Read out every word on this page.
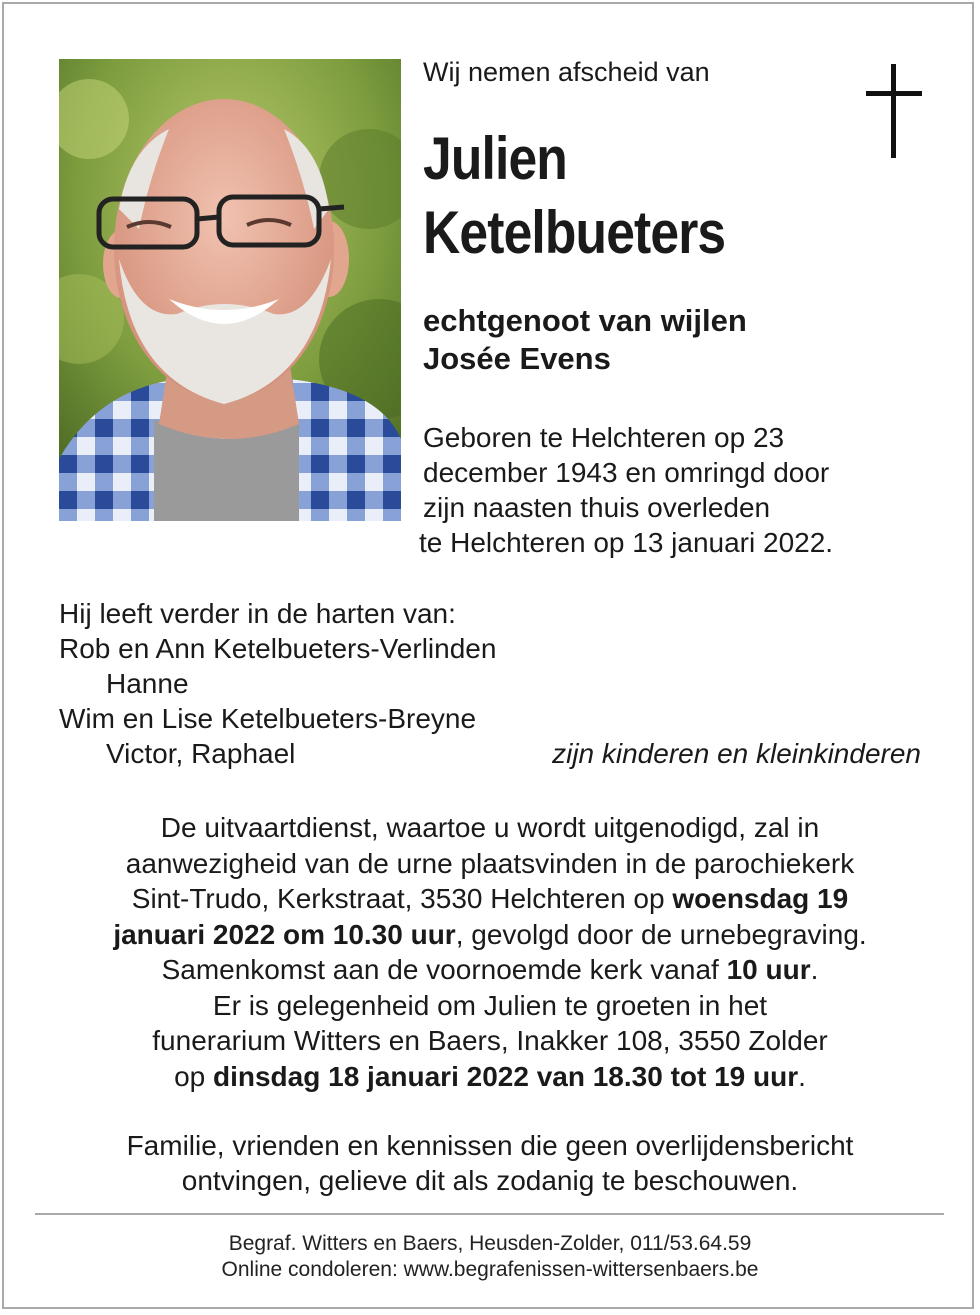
Wij nemen afscheid van
Julien
Ketelbueters
echtgenoot van wijlen
Josée Evens
Geboren te Helchteren op 23
december 1943 en omringd door
zijn naasten thuis overleden
te Helchteren op 13 januari 2022.
Hij leeft verder in de harten van:
Rob en Ann Ketelbueters-Verlinden
Hanne
Wim en Lise Ketelbueters-Breyne
Victor, Raphael	zijn kinderen en kleinkinderen
De uitvaartdienst, waartoe u wordt uitgenodigd, zal in
aanwezigheid van de urne plaatsvinden in de parochiekerk
Sint-Trudo, Kerkstraat, 3530 Helchteren op woensdag 19
januari 2022 om 10.30 uur, gevolgd door de urnebegraving.
Samenkomst aan de voornoemde kerk vanaf 10 uur.
Er is gelegenheid om Julien te groeten in het
funerarium Witters en Baers, Inakker 108, 3550 Zolder
op dinsdag 18 januari 2022 van 18.30 tot 19 uur.
Familie, vrienden en kennissen die geen overlijdensbericht
ontvingen, gelieve dit als zodanig te beschouwen.
Begraf. Witters en Baers, Heusden-Zolder, 011/53.64.59
Online condoleren: www.begrafenissen-wittersenbaers.be
